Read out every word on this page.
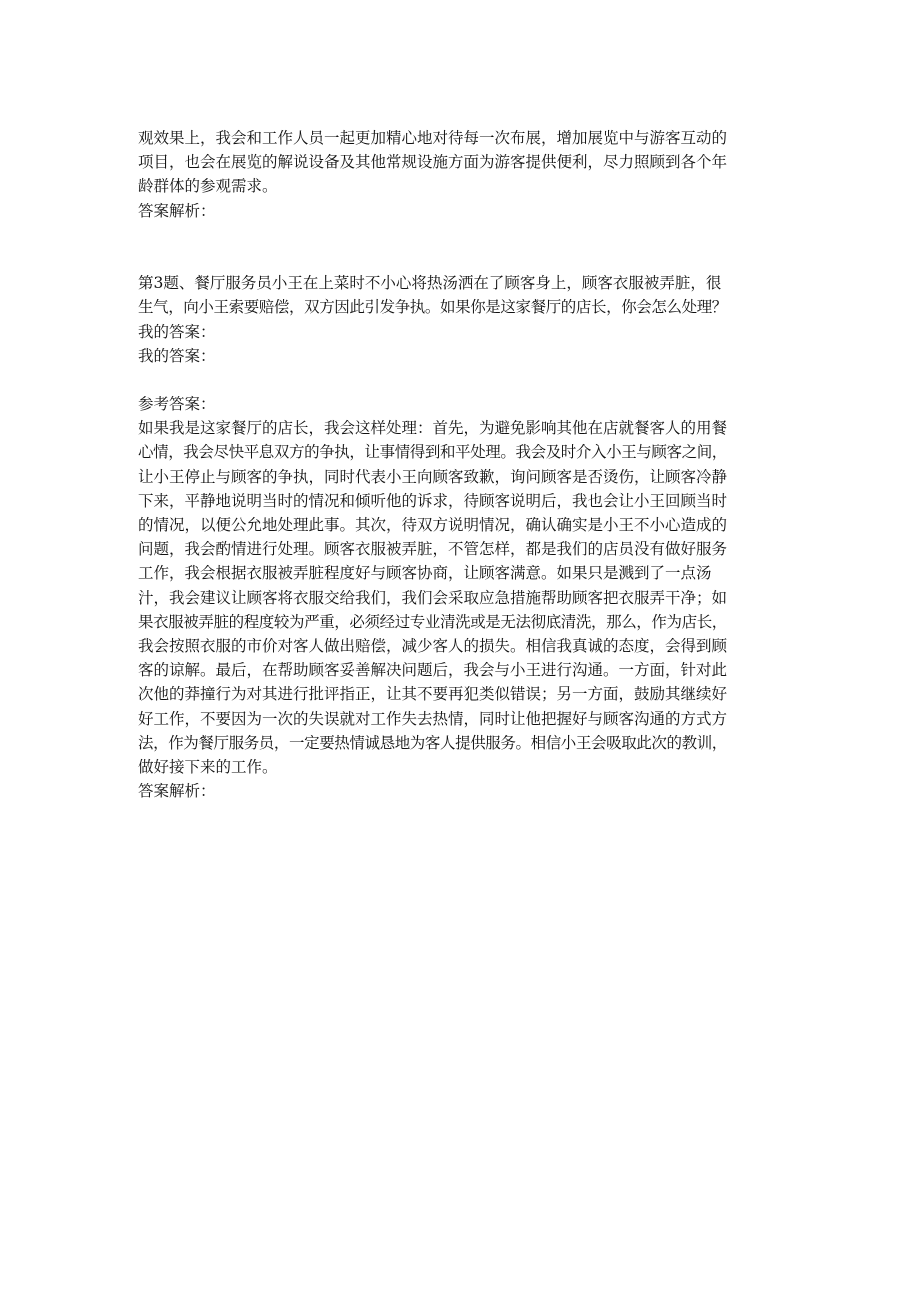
观效果上，我会和工作人员一起更加精心地对待每一次布展，增加展览中与游客互动的
项目，也会在展览的解说设备及其他常规设施方面为游客提供便利，尽力照顾到各个年
龄群体的参观需求。
答案解析：
第3题、餐厅服务员小王在上菜时不小心将热汤洒在了顾客身上，顾客衣服被弄脏，很
生气，向小王索要赔偿，双方因此引发争执。如果你是这家餐厅的店长，你会怎么处理？
我的答案：
我的答案：
参考答案：
如果我是这家餐厅的店长，我会这样处理：首先，为避免影响其他在店就餐客人的用餐
心情，我会尽快平息双方的争执，让事情得到和平处理。我会及时介入小王与顾客之间，
让小王停止与顾客的争执，同时代表小王向顾客致歉，询问顾客是否烫伤，让顾客冷静
下来，平静地说明当时的情况和倾听他的诉求，待顾客说明后，我也会让小王回顾当时
的情况，以便公允地处理此事。其次，待双方说明情况，确认确实是小王不小心造成的
问题，我会酌情进行处理。顾客衣服被弄脏，不管怎样，都是我们的店员没有做好服务
工作，我会根据衣服被弄脏程度好与顾客协商，让顾客满意。如果只是溅到了一点汤
汁，我会建议让顾客将衣服交给我们，我们会采取应急措施帮助顾客把衣服弄干净；如
果衣服被弄脏的程度较为严重，必须经过专业清洗或是无法彻底清洗，那么，作为店长，
我会按照衣服的市价对客人做出赔偿，减少客人的损失。相信我真诚的态度，会得到顾
客的谅解。最后，在帮助顾客妥善解决问题后，我会与小王进行沟通。一方面，针对此
次他的莽撞行为对其进行批评指正，让其不要再犯类似错误；另一方面，鼓励其继续好
好工作，不要因为一次的失误就对工作失去热情，同时让他把握好与顾客沟通的方式方
法，作为餐厅服务员，一定要热情诚恳地为客人提供服务。相信小王会吸取此次的教训，
做好接下来的工作。
答案解析：
